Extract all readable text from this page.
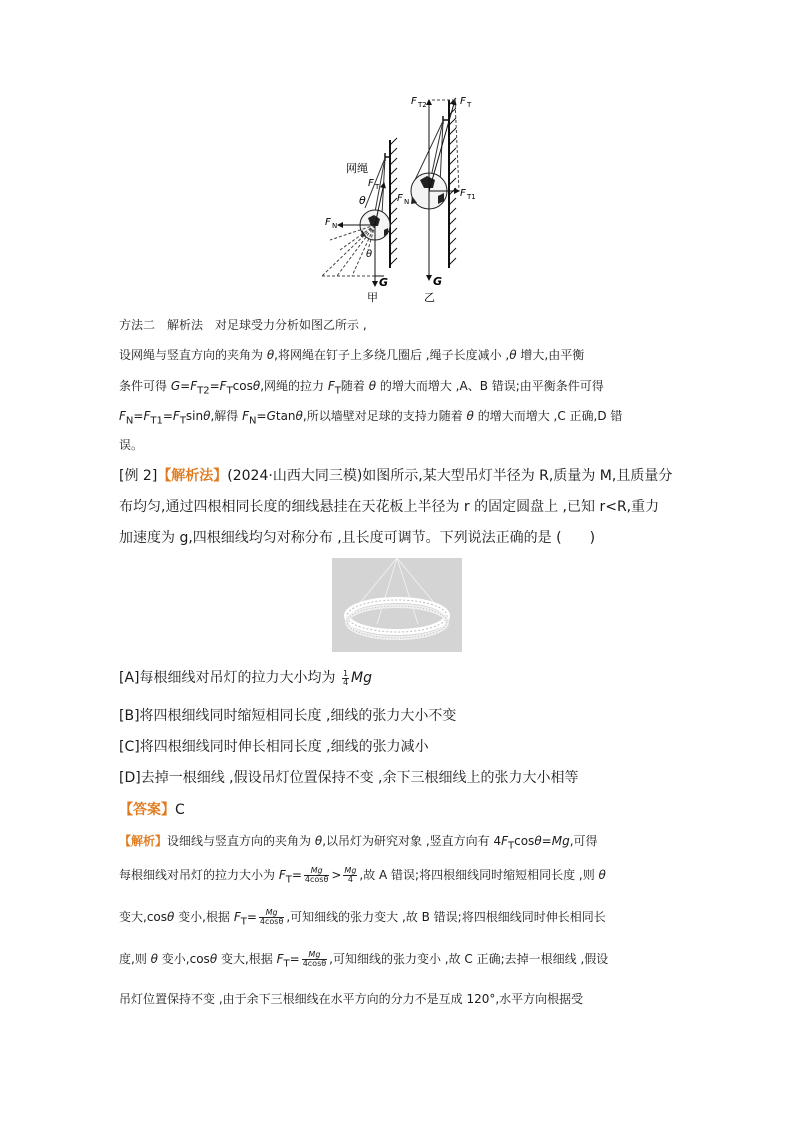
网绳
F T
θ
θ
F N
G
甲
F T2	F T
F T1
F N
G
乙
方法二　解析法　对足球受力分析如图乙所示 ,
设网绳与竖直方向的夹角为 θ,将网绳在钉子上多绕几圈后 ,绳子长度减小 ,θ 增大,由平衡
条件可得 $G=F_{T2}=F_T\cos\theta$,网绳的拉力 $F_T$随着 θ 的增大而增大 ,A、B 错误;由平衡条件可得
$F_N=F_{T1}=F_T\sin\theta$,解得 $F_N=Gtan\theta$,所以墙壁对足球的支持力随着 θ 的增大而增大 ,C 正确,D 错
误。
[例 2]【解析法】(2024·山西大同三模)如图所示,某大型吊灯半径为 R,质量为 M,且质量分
布均匀,通过四根相同长度的细线悬挂在天花板上半径为 r 的固定圆盘上 ,已知 r<R,重力
加速度为 g,四根细线均匀对称分布 ,且长度可调节。下列说法正确的是 (　　)
[A]每根细线对吊灯的拉力大小均为 $\frac{1}{4}$ Mg
[B]将四根细线同时缩短相同长度 ,细线的张力大小不变
[C]将四根细线同时伸长相同长度 ,细线的张力减小
[D]去掉一根细线 ,假设吊灯位置保持不变 ,余下三根细线上的张力大小相等
【答案】C
【解析】设细线与竖直方向的夹角为 θ,以吊灯为研究对象 ,竖直方向有 $4F_T\cos\theta=Mg$,可得
每根细线对吊灯的拉力大小为 $F_T= \frac{Mg}{4\cos\theta} > \frac{Mg}{4}$ ,故 A 错误;将四根细线同时缩短相同长度 ,则 θ
变大,cosθ 变小,根据 $F_T= \frac{Mg}{4\cos\theta}$ ,可知细线的张力变大 ,故 B 错误;将四根细线同时伸长相同长
度,则 θ 变小,cosθ 变大,根据 $F_T= \frac{Mg}{4\cos\theta}$ ,可知细线的张力变小 ,故 C 正确;去掉一根细线 ,假设
吊灯位置保持不变 ,由于余下三根细线在水平方向的分力不是互成 120°,水平方向根据受
